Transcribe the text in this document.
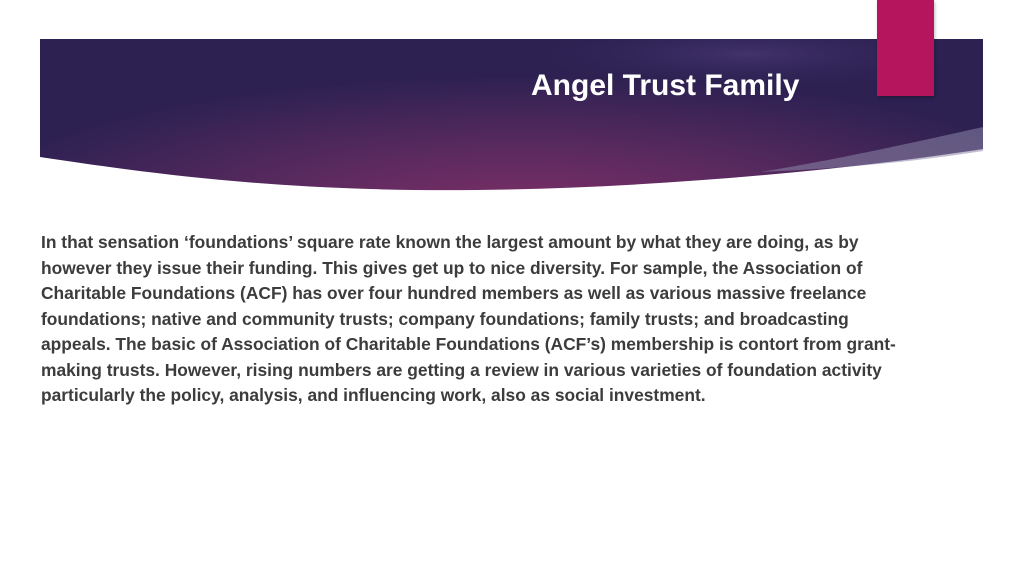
Angel Trust Family

In that sensation ‘foundations’ square rate known the largest amount by what they are doing, as by however they issue their funding. This gives get up to nice diversity. For sample, the Association of Charitable Foundations (ACF) has over four hundred members as well as various massive freelance foundations; native and community trusts; company foundations; family trusts; and broadcasting appeals. The basic of Association of Charitable Foundations (ACF’s) membership is contort from grant-making trusts. However, rising numbers are getting a review in various varieties of foundation activity particularly the policy, analysis, and influencing work, also as social investment.
